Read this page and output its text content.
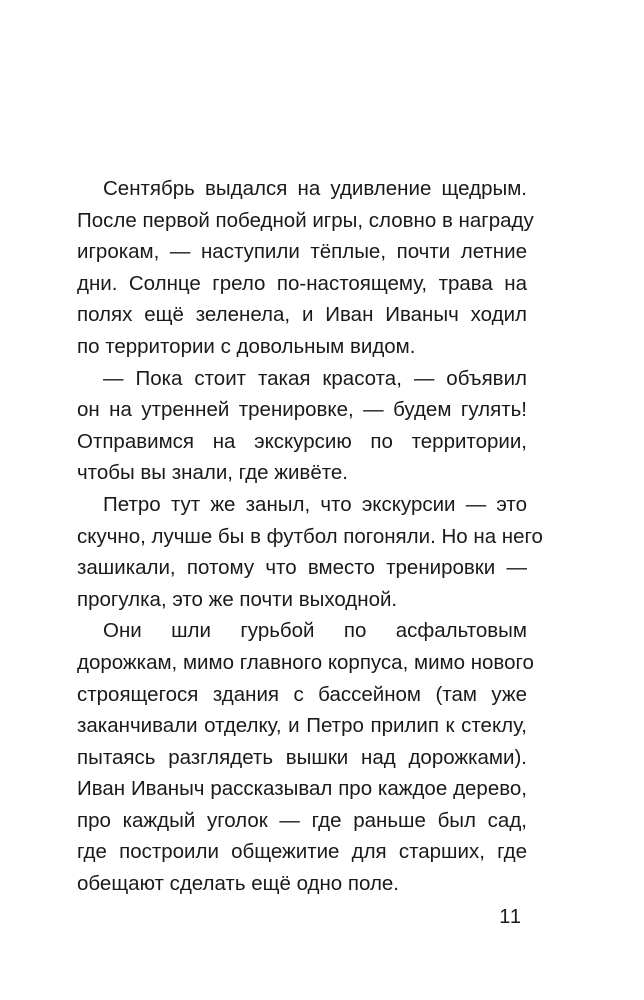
Сентябрь выдался на удивление щедрым.
После первой победной игры, словно в награду
игрокам, — наступили тёплые, почти летние
дни. Солнце грело по-настоящему, трава на
полях ещё зеленела, и Иван Иваныч ходил
по территории с довольным видом.
— Пока стоит такая красота, — объявил
он на утренней тренировке, — будем гулять!
Отправимся на экскурсию по территории,
чтобы вы знали, где живёте.
Петро тут же заныл, что экскурсии — это
скучно, лучше бы в футбол погоняли. Но на него
зашикали, потому что вместо тренировки —
прогулка, это же почти выходной.
Они шли гурьбой по асфальтовым
дорожкам, мимо главного корпуса, мимо нового
строящегося здания с бассейном (там уже
заканчивали отделку, и Петро прилип к стеклу,
пытаясь разглядеть вышки над дорожками).
Иван Иваныч рассказывал про каждое дерево,
про каждый уголок — где раньше был сад,
где построили общежитие для старших, где
обещают сделать ещё одно поле.
11
